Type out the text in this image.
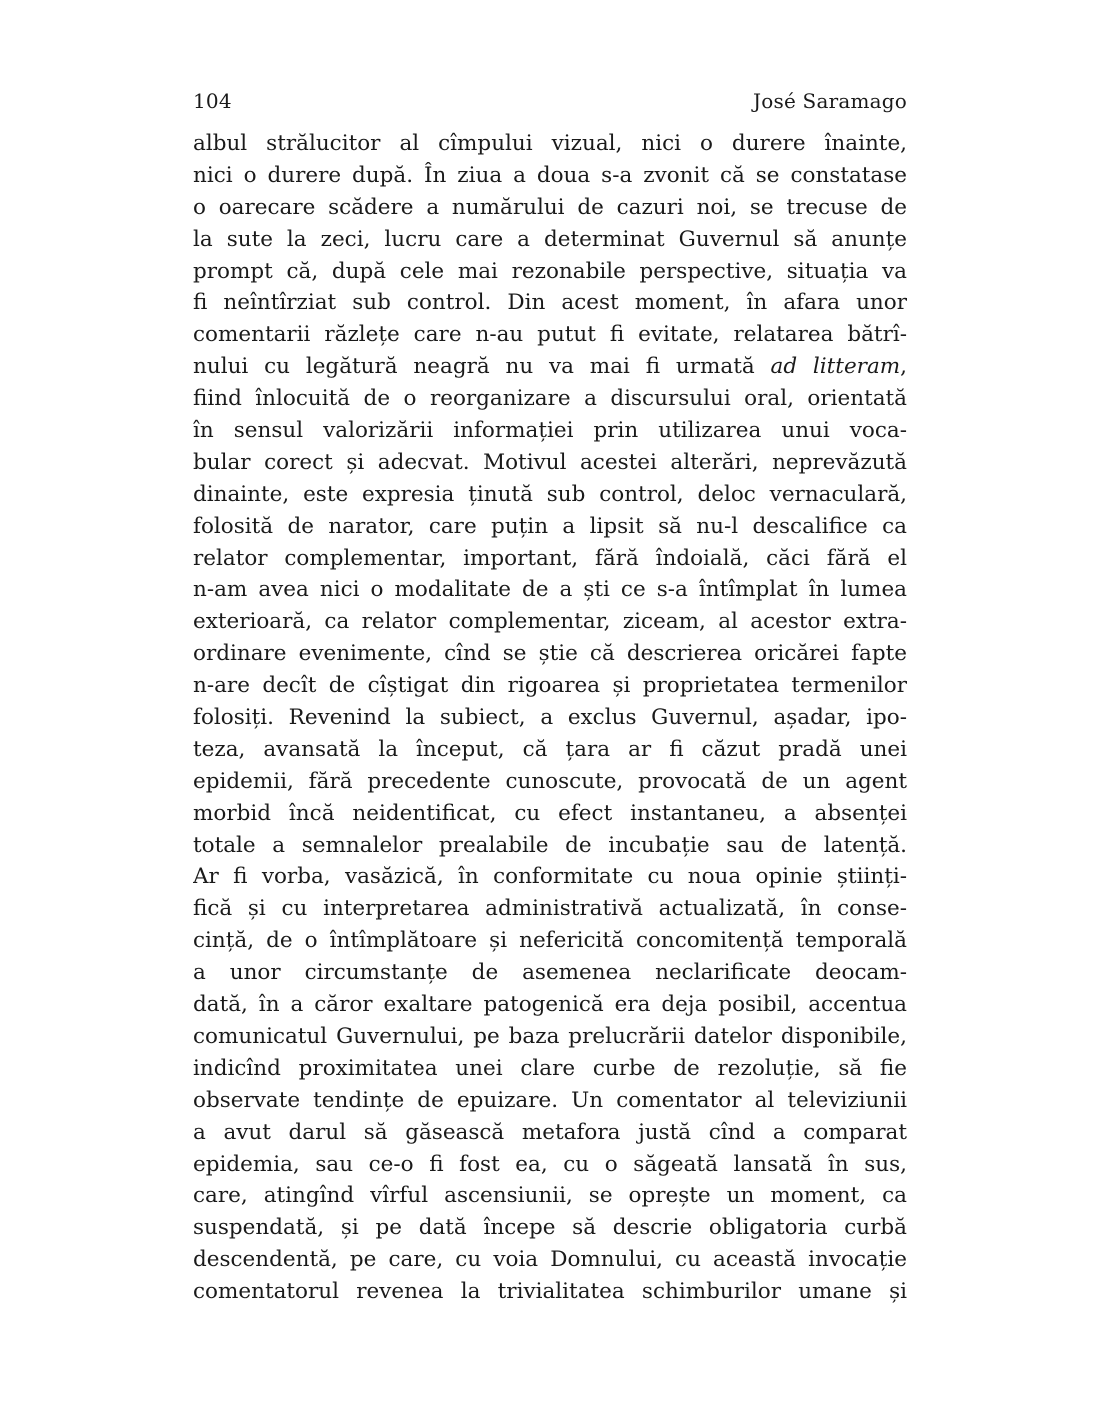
104	José Saramago
albul strălucitor al cîmpului vizual, nici o durere înainte,
nici o durere după. În ziua a doua s-a zvonit că se constatase
o oarecare scădere a numărului de cazuri noi, se trecuse de
la sute la zeci, lucru care a determinat Guvernul să anunțe
prompt că, după cele mai rezonabile perspective, situația va
fi neîntîrziat sub control. Din acest moment, în afara unor
comentarii răzlețe care n-au putut fi evitate, relatarea bătrî-
nului cu legătură neagră nu va mai fi urmată ad litteram,
fiind înlocuită de o reorganizare a discursului oral, orientată
în sensul valorizării informației prin utilizarea unui voca-
bular corect și adecvat. Motivul acestei alterări, neprevăzută
dinainte, este expresia ținută sub control, deloc vernaculară,
folosită de narator, care puțin a lipsit să nu-l descalifice ca
relator complementar, important, fără îndoială, căci fără el
n-am avea nici o modalitate de a ști ce s-a întîmplat în lumea
exterioară, ca relator complementar, ziceam, al acestor extra-
ordinare evenimente, cînd se știe că descrierea oricărei fapte
n-are decît de cîștigat din rigoarea și proprietatea termenilor
folosiți. Revenind la subiect, a exclus Guvernul, așadar, ipo-
teza, avansată la început, că țara ar fi căzut pradă unei
epidemii, fără precedente cunoscute, provocată de un agent
morbid încă neidentificat, cu efect instantaneu, a absenței
totale a semnalelor prealabile de incubație sau de latență.
Ar fi vorba, vasăzică, în conformitate cu noua opinie științi-
fică și cu interpretarea administrativă actualizată, în conse-
cință, de o întîmplătoare și nefericită concomitență temporală
a unor circumstanțe de asemenea neclarificate deocam-
dată, în a căror exaltare patogenică era deja posibil, accentua
comunicatul Guvernului, pe baza prelucrării datelor disponibile,
indicînd proximitatea unei clare curbe de rezoluție, să fie
observate tendințe de epuizare. Un comentator al televiziunii
a avut darul să găsească metafora justă cînd a comparat
epidemia, sau ce-o fi fost ea, cu o săgeată lansată în sus,
care, atingînd vîrful ascensiunii, se oprește un moment, ca
suspendată, și pe dată începe să descrie obligatoria curbă
descendentă, pe care, cu voia Domnului, cu această invocație
comentatorul revenea la trivialitatea schimburilor umane și
